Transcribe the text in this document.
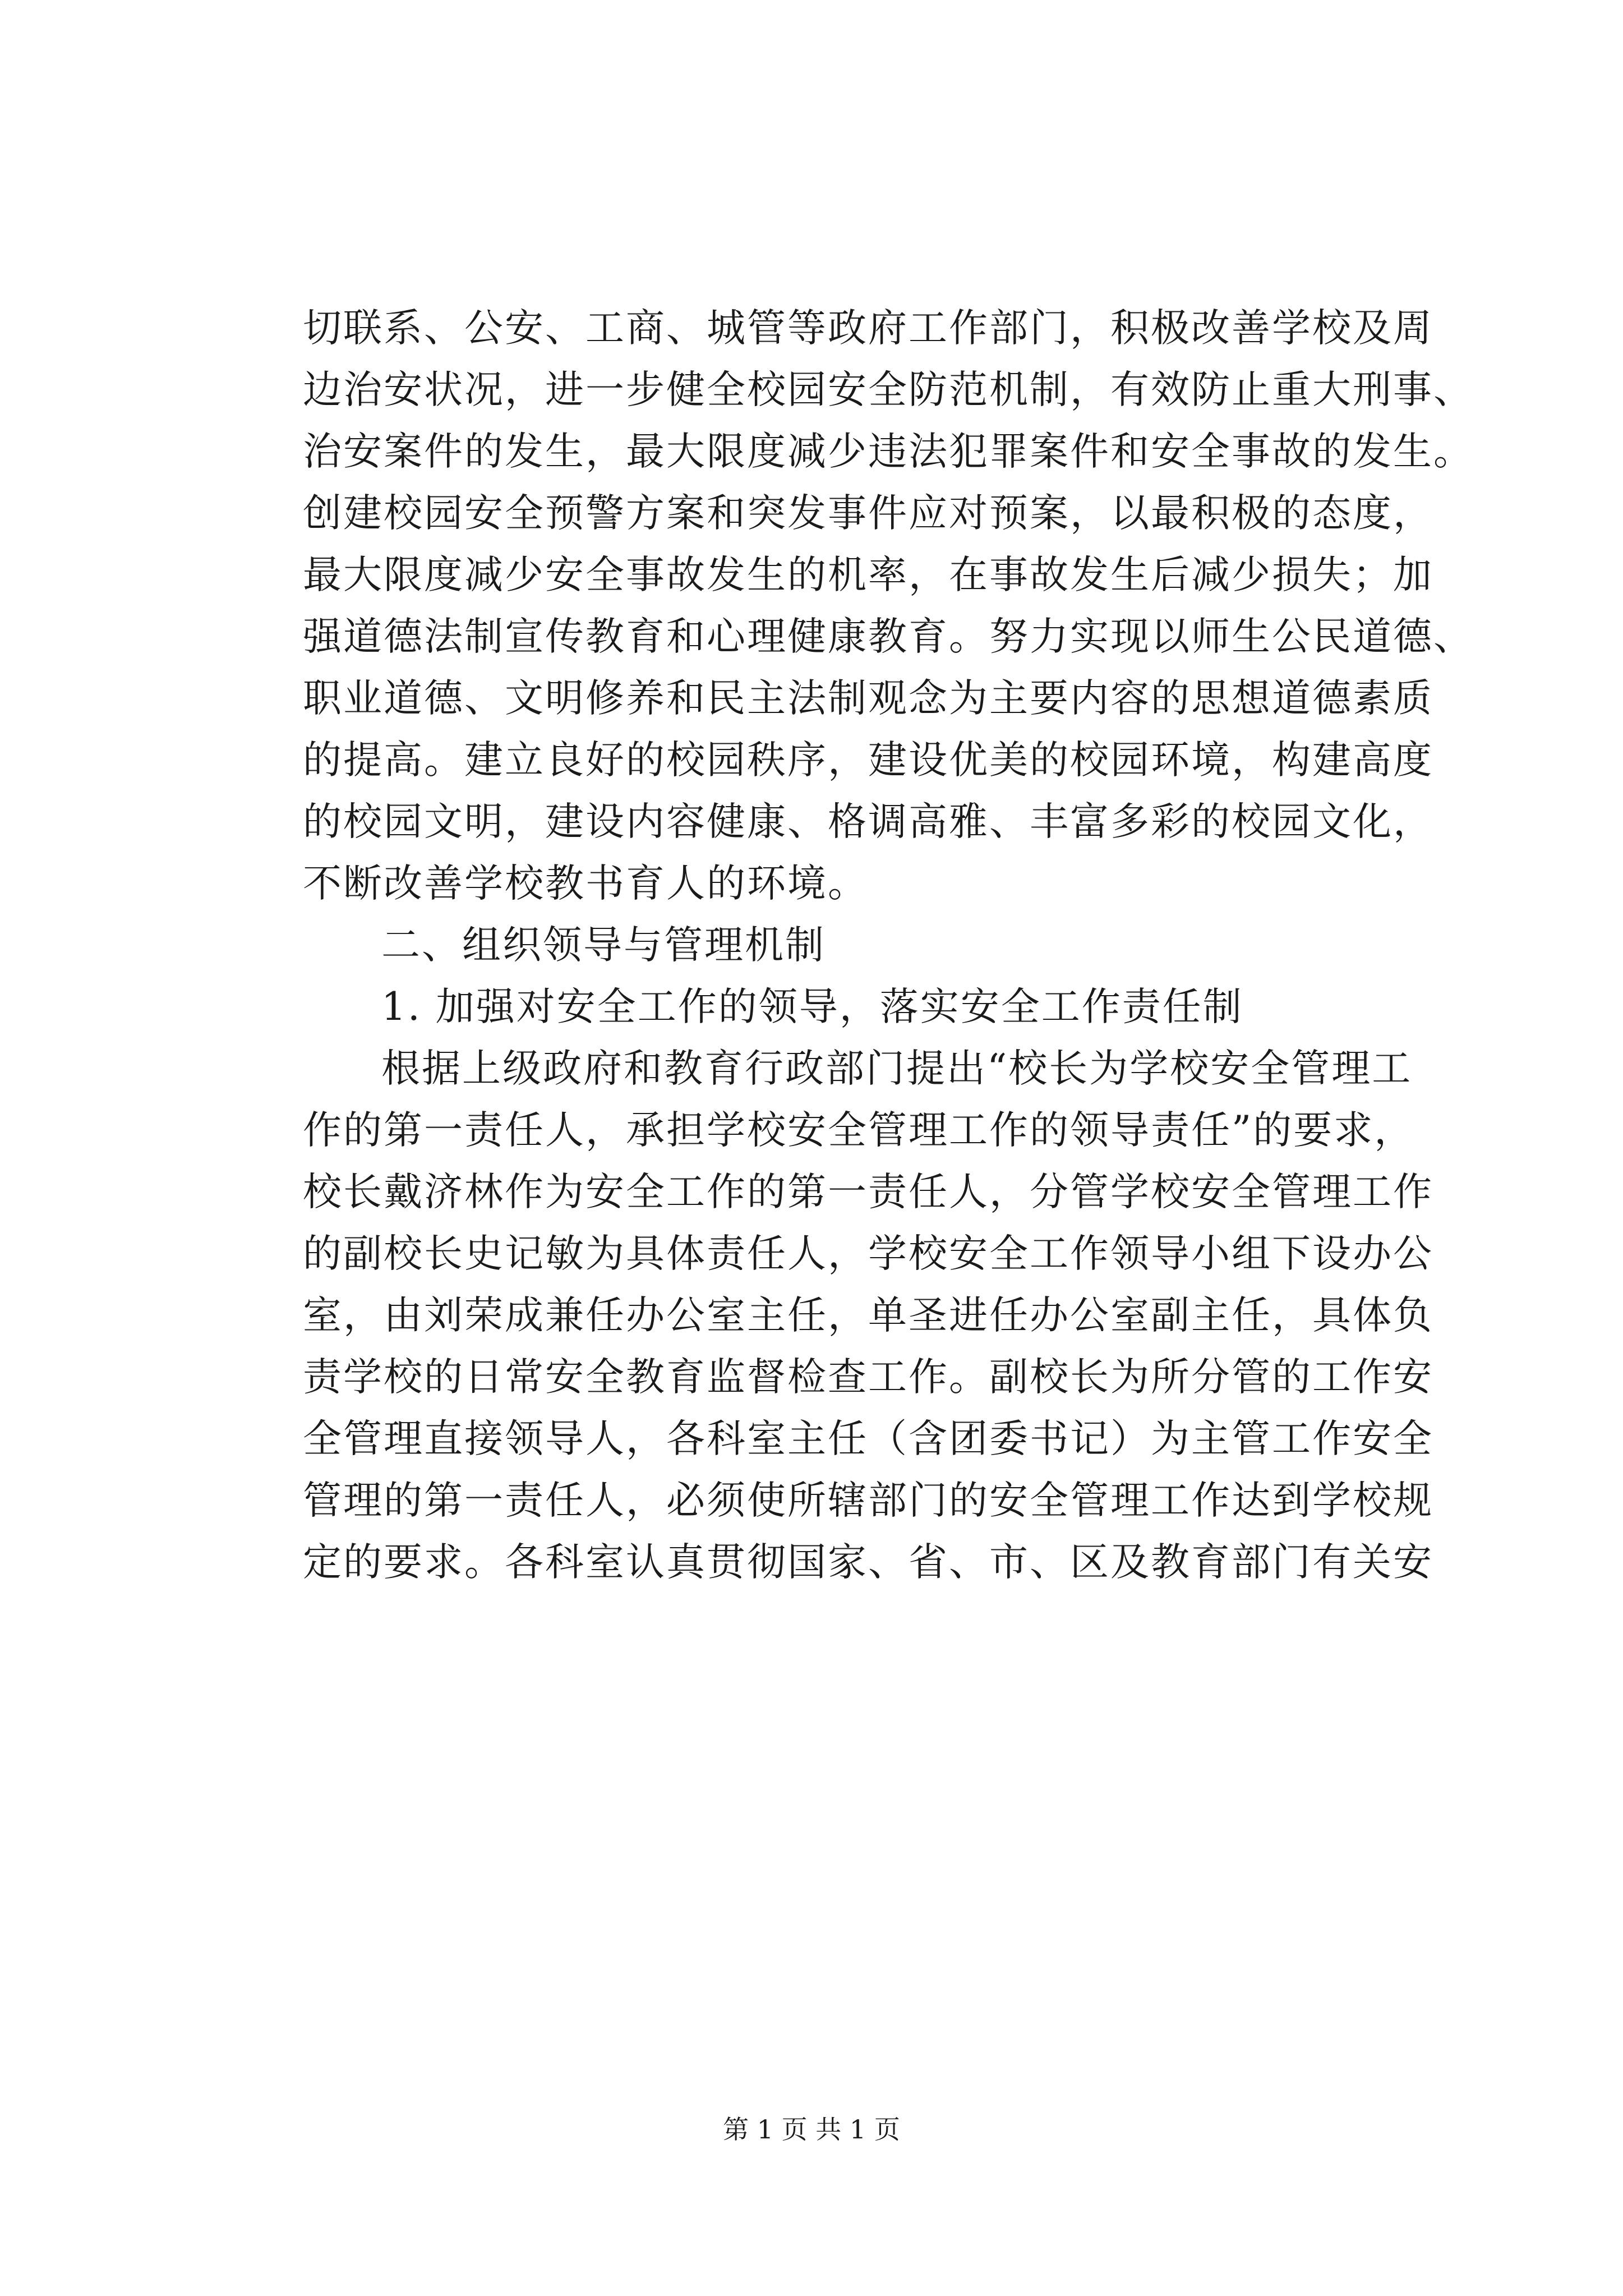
切联系、公安、工商、城管等政府工作部门，积极改善学校及周
边治安状况，进一步健全校园安全防范机制，有效防止重大刑事、
治安案件的发生，最大限度减少违法犯罪案件和安全事故的发生。
创建校园安全预警方案和突发事件应对预案，以最积极的态度，
最大限度减少安全事故发生的机率，在事故发生后减少损失；加
强道德法制宣传教育和心理健康教育。努力实现以师生公民道德、
职业道德、文明修养和民主法制观念为主要内容的思想道德素质
的提高。建立良好的校园秩序，建设优美的校园环境，构建高度
的校园文明，建设内容健康、格调高雅、丰富多彩的校园文化，
不断改善学校教书育人的环境。
二、组织领导与管理机制
1. 加强对安全工作的领导，落实安全工作责任制
根据上级政府和教育行政部门提出“校长为学校安全管理工
作的第一责任人，承担学校安全管理工作的领导责任”的要求，
校长戴济林作为安全工作的第一责任人，分管学校安全管理工作
的副校长史记敏为具体责任人，学校安全工作领导小组下设办公
室，由刘荣成兼任办公室主任，单圣进任办公室副主任，具体负
责学校的日常安全教育监督检查工作。副校长为所分管的工作安
全管理直接领导人，各科室主任（含团委书记）为主管工作安全
管理的第一责任人，必须使所辖部门的安全管理工作达到学校规
定的要求。各科室认真贯彻国家、省、市、区及教育部门有关安
第 1 页 共 1 页
